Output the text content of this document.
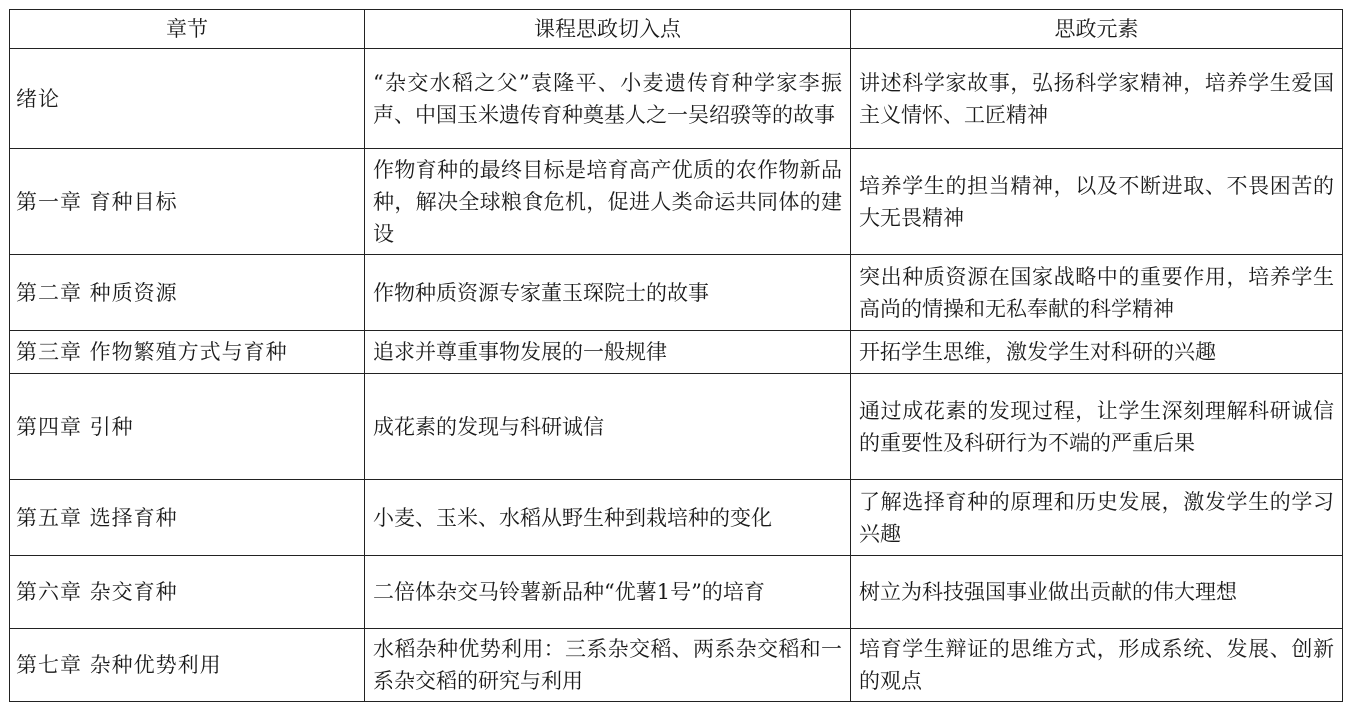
章节	课程思政切入点	思政元素
绪论	“杂交水稻之父”袁隆平、小麦遗传育种学家李振声、中国玉米遗传育种奠基人之一吴绍骙等的故事	讲述科学家故事，弘扬科学家精神，培养学生爱国主义情怀、工匠精神
第一章 育种目标	作物育种的最终目标是培育高产优质的农作物新品种，解决全球粮食危机，促进人类命运共同体的建设	培养学生的担当精神，以及不断进取、不畏困苦的大无畏精神
第二章 种质资源	作物种质资源专家董玉琛院士的故事	突出种质资源在国家战略中的重要作用，培养学生高尚的情操和无私奉献的科学精神
第三章 作物繁殖方式与育种	追求并尊重事物发展的一般规律	开拓学生思维，激发学生对科研的兴趣
第四章 引种	成花素的发现与科研诚信	通过成花素的发现过程，让学生深刻理解科研诚信的重要性及科研行为不端的严重后果
第五章 选择育种	小麦、玉米、水稻从野生种到栽培种的变化	了解选择育种的原理和历史发展，激发学生的学习兴趣
第六章 杂交育种	二倍体杂交马铃薯新品种“优薯1号”的培育	树立为科技强国事业做出贡献的伟大理想
第七章 杂种优势利用	水稻杂种优势利用：三系杂交稻、两系杂交稻和一系杂交稻的研究与利用	培育学生辩证的思维方式，形成系统、发展、创新的观点
